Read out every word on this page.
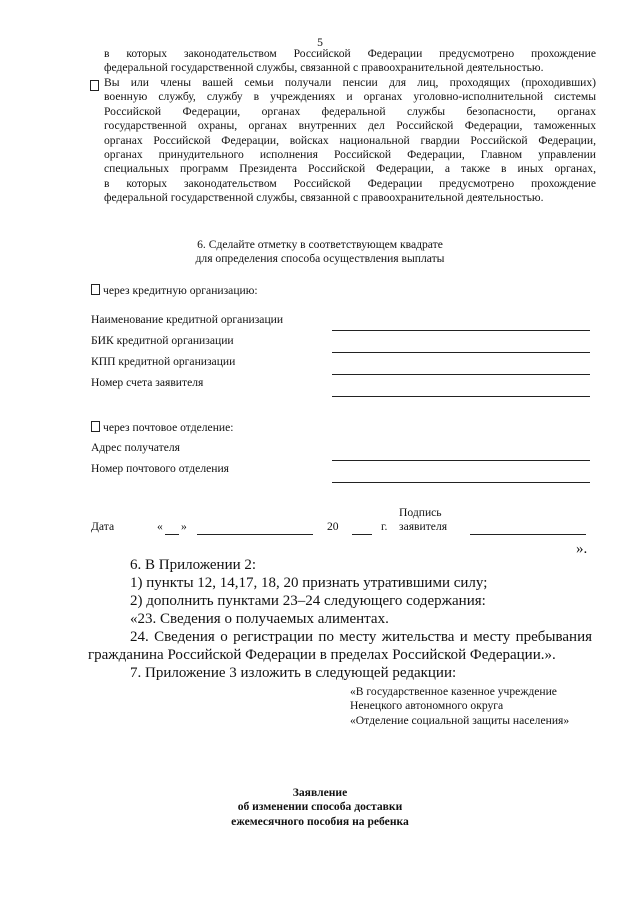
5
в которых законодательством Российской Федерации предусмотрено прохождение
федеральной государственной службы, связанной с правоохранительной деятельностью.
Вы или члены вашей семьи получали пенсии для лиц, проходящих (проходивших)
военную службу, службу в учреждениях и органах уголовно-исполнительной системы
Российской Федерации, органах федеральной службы безопасности, органах
государственной охраны, органах внутренних дел Российской Федерации, таможенных
органах Российской Федерации, войсках национальной гвардии Российской Федерации,
органах принудительного исполнения Российской Федерации, Главном управлении
специальных программ Президента Российской Федерации, а также в иных органах,
в которых законодательством Российской Федерации предусмотрено прохождение
федеральной государственной службы, связанной с правоохранительной деятельностью.
6. Сделайте отметку в соответствующем квадрате
для определения способа осуществления выплаты
через кредитную организацию:
Наименование кредитной организации
БИК кредитной организации
КПП кредитной организации
Номер счета заявителя
через почтовое отделение:
Адрес получателя
Номер почтового отделения
Дата	« »	20	г.
Подпись
заявителя
».
6. В Приложении 2:
1) пункты 12, 14,17, 18, 20 признать утратившими силу;
2) дополнить пунктами 23–24 следующего содержания:
«23. Сведения о получаемых алиментах.
24. Сведения о регистрации по месту жительства и месту пребывания
гражданина Российской Федерации в пределах Российской Федерации.».
7. Приложение 3 изложить в следующей редакции:
«В государственное казенное учреждение
Ненецкого автономного округа
«Отделение социальной защиты населения»
Заявление
об изменении способа доставки
ежемесячного пособия на ребенка
